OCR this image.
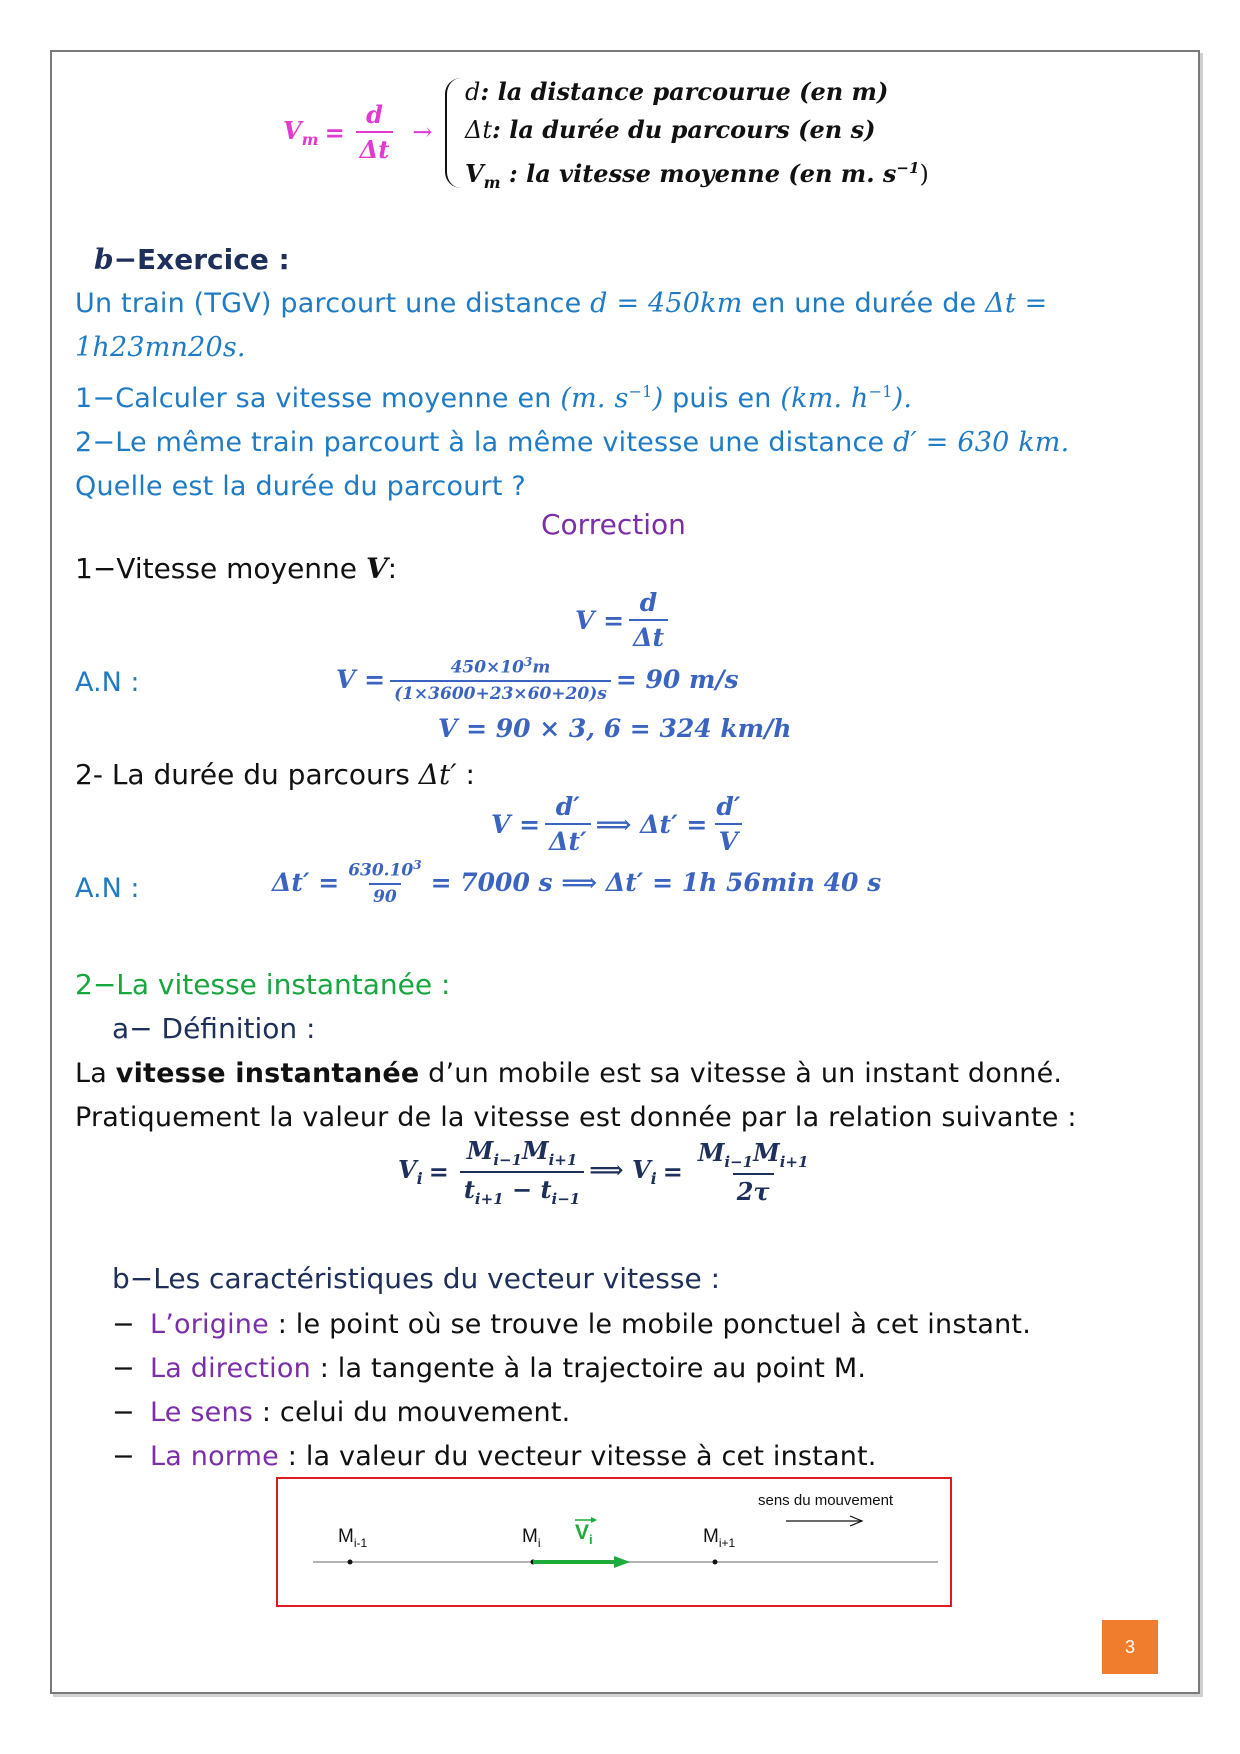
$V_m = \frac{d}{\Delta t}$ →
d: la distance parcourue (en m)
Δt: la durée du parcours (en s)
$V_m$ : la vitesse moyenne (en m. $s^{-1}$)
b−Exercice :
Un train (TGV) parcourt une distance d = 450km en une durée de Δt =
1h23mn20s.
1−Calculer sa vitesse moyenne en (m. $s^{-1}$) puis en (km. $h^{-1}$).
2−Le même train parcourt à la même vitesse une distance d′ = 630 km.
Quelle est la durée du parcourt ?
Correction
1−Vitesse moyenne V:
$V = \frac{d}{\Delta t}$
A.N :	$V = \frac{450\times 10^3m}{(1\times 3600+23\times 60+20)s} = 90$ m/s
V = 90 × 3, 6 = 324 km/h
2- La durée du parcours Δt′ :
$V = \frac{d'}{\Delta t'}$ ⟹ $\Delta t' = \frac{d'}{V}$
A.N :	$\Delta t' = \frac{630.10^3}{90} = 7000$ s ⟹ Δt′ = 1h 56min 40 s
2−La vitesse instantanée :
a− Définition :
La vitesse instantanée d’un mobile est sa vitesse à un instant donné.
Pratiquement la valeur de la vitesse est donnée par la relation suivante :
$V_i = \frac{M_{i-1}M_{i+1}}{t_{i+1} - t_{i-1}}$ ⟹ $V_i = \frac{M_{i-1}M_{i+1}}{2\tau}$
b−Les caractéristiques du vecteur vitesse :
− L’origine : le point où se trouve le mobile ponctuel à cet instant.
− La direction : la tangente à la trajectoire au point M.
− Le sens : celui du mouvement.
− La norme : la valeur du vecteur vitesse à cet instant.
sens du mouvement
$M_{i-1}$	$M_i$ $V_i$	$M_{i+1}$
3
